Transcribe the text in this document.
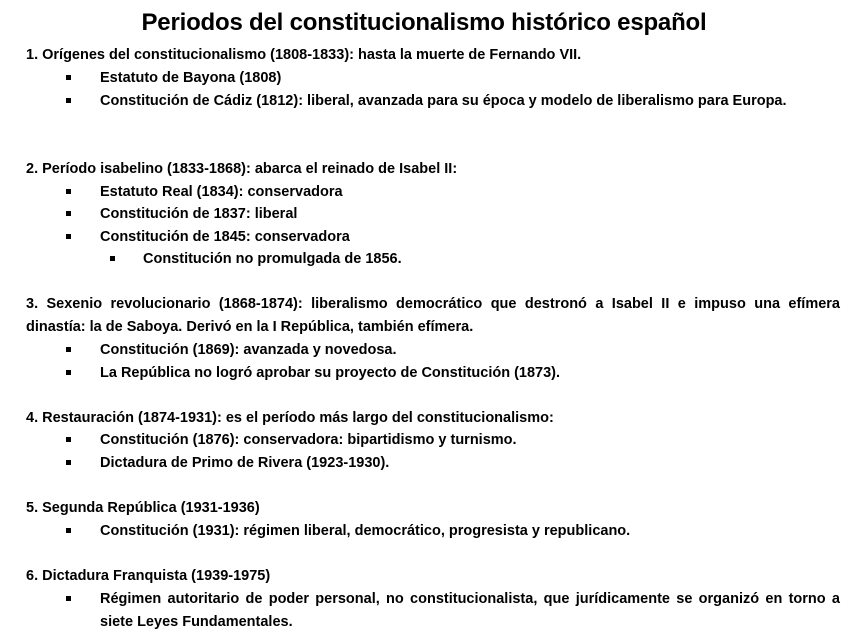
Periodos del constitucionalismo histórico español
1. Orígenes del constitucionalismo (1808-1833): hasta la muerte de Fernando VII.
Estatuto de Bayona (1808)
Constitución de Cádiz (1812): liberal, avanzada para su época y modelo de liberalismo para Europa.
2. Período isabelino (1833-1868): abarca el reinado de Isabel II:
Estatuto Real (1834): conservadora
Constitución de 1837: liberal
Constitución de 1845: conservadora
Constitución no promulgada de 1856.
3. Sexenio revolucionario (1868-1874): liberalismo democrático que destronó a Isabel II e impuso una efímera dinastía: la de Saboya. Derivó en la I República, también efímera.
Constitución (1869): avanzada y novedosa.
La República no logró aprobar su proyecto de Constitución (1873).
4. Restauración (1874-1931): es el período más largo del constitucionalismo:
Constitución (1876): conservadora: bipartidismo y turnismo.
Dictadura de Primo de Rivera (1923-1930).
5. Segunda República (1931-1936)
Constitución (1931): régimen liberal, democrático, progresista y republicano.
6. Dictadura Franquista (1939-1975)
Régimen autoritario de poder personal, no constitucionalista, que jurídicamente se organizó en torno a siete Leyes Fundamentales.
